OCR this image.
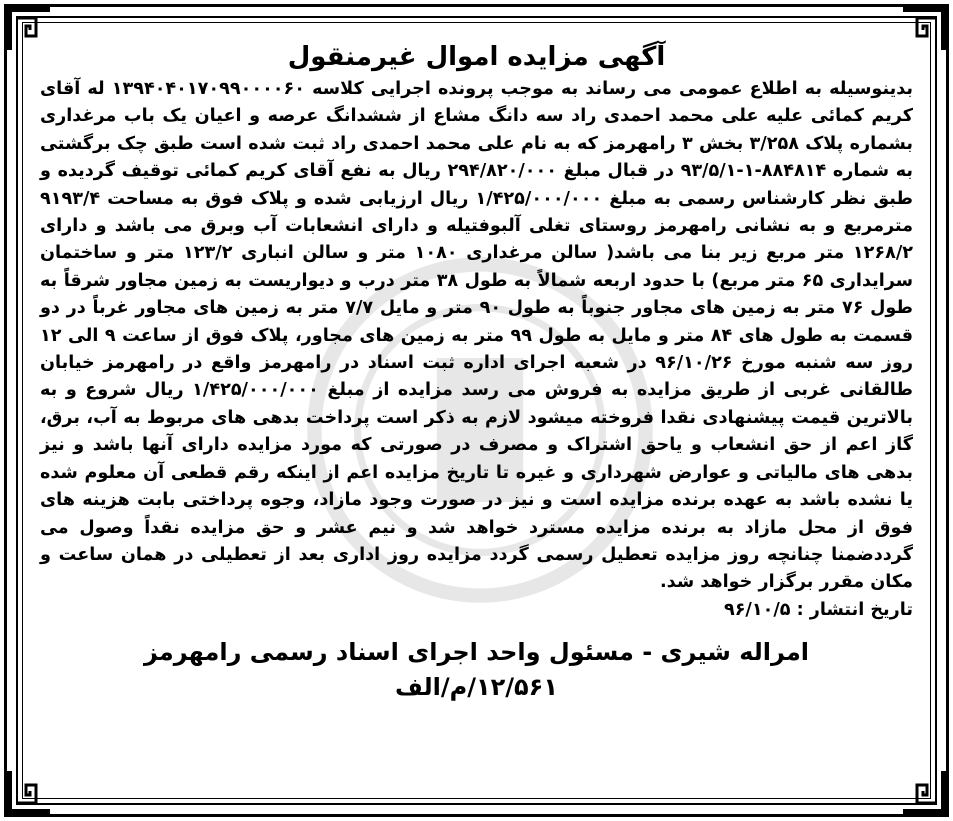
آگهی مزایده اموال غیرمنقول

بدینوسیله به اطلاع عمومی می رساند به موجب پرونده اجرایی کلاسه ۱۳۹۴۰۴۰۱۷۰۹۹۰۰۰۰۶۰ له آقای کریم کمائی علیه علی محمد احمدی راد سه دانگ مشاع از ششدانگ عرصه و اعیان یک باب مرغداری بشماره پلاک ۳/۲۵۸ بخش ۳ رامهرمز که به نام علی محمد احمدی راد ثبت شده است طبق چک برگشتی به شماره ۸۸۴۸۱۴-۱-۹۳/۵/۱ در قبال مبلغ ۲۹۴/۸۲۰/۰۰۰ ریال به نفع آقای کریم کمائی توقیف گردیده و طبق نظر کارشناس رسمی به مبلغ ۱/۴۲۵/۰۰۰/۰۰۰ ریال ارزیابی شده و پلاک فوق به مساحت ۹۱۹۳/۴ مترمربع و به نشانی رامهرمز روستای تغلی آلبوفتیله و دارای انشعابات آب وبرق می باشد و دارای ۱۲۶۸/۲ متر مربع زیر بنا می باشد( سالن مرغداری ۱۰۸۰ متر و سالن انباری ۱۲۳/۲ متر و ساختمان سرایداری ۶۵ متر مربع) با حدود اربعه شمالاً به طول ۳۸ متر درب و دیواریست به زمین مجاور شرقاً به طول ۷۶ متر به زمین های مجاور جنوباً به طول ۹۰ متر و مایل ۷/۷ متر به زمین های مجاور غرباً در دو قسمت به طول های ۸۴ متر و مایل به طول ۹۹ متر به زمین های مجاور، پلاک فوق از ساعت ۹ الی ۱۲ روز سه شنبه مورخ ۹۶/۱۰/۲۶ در شعبه اجرای اداره ثبت اسناد در رامهرمز واقع در رامهرمز خیابان طالقانی غربی از طریق مزایده به فروش می رسد مزایده از مبلغ ۱/۴۲۵/۰۰۰/۰۰۰ ریال شروع و به بالاترین قیمت پیشنهادی نقدا فروخته میشود لازم به ذکر است پرداخت بدهی های مربوط به آب، برق، گاز اعم از حق انشعاب و یاحق اشتراک و مصرف در صورتی که مورد مزایده دارای آنها باشد و نیز بدهی های مالیاتی و عوارض شهرداری و غیره تا تاریخ مزایده اعم از اینکه رقم قطعی آن معلوم شده یا نشده باشد به عهده برنده مزایده است و نیز در صورت وجود مازاد، وجوه پرداختی بابت هزینه های فوق از محل مازاد به برنده مزایده مسترد خواهد شد و نیم عشر و حق مزایده نقداً وصول می گرددضمنا چنانچه روز مزایده تعطیل رسمی گردد مزایده روز اداری بعد از تعطیلی در همان ساعت و مکان مقرر برگزار خواهد شد.

تاریخ انتشار : ۹۶/۱۰/۵

امراله شیری - مسئول واحد اجرای اسناد رسمی رامهرمز
۱۲/۵۶۱/م/الف
